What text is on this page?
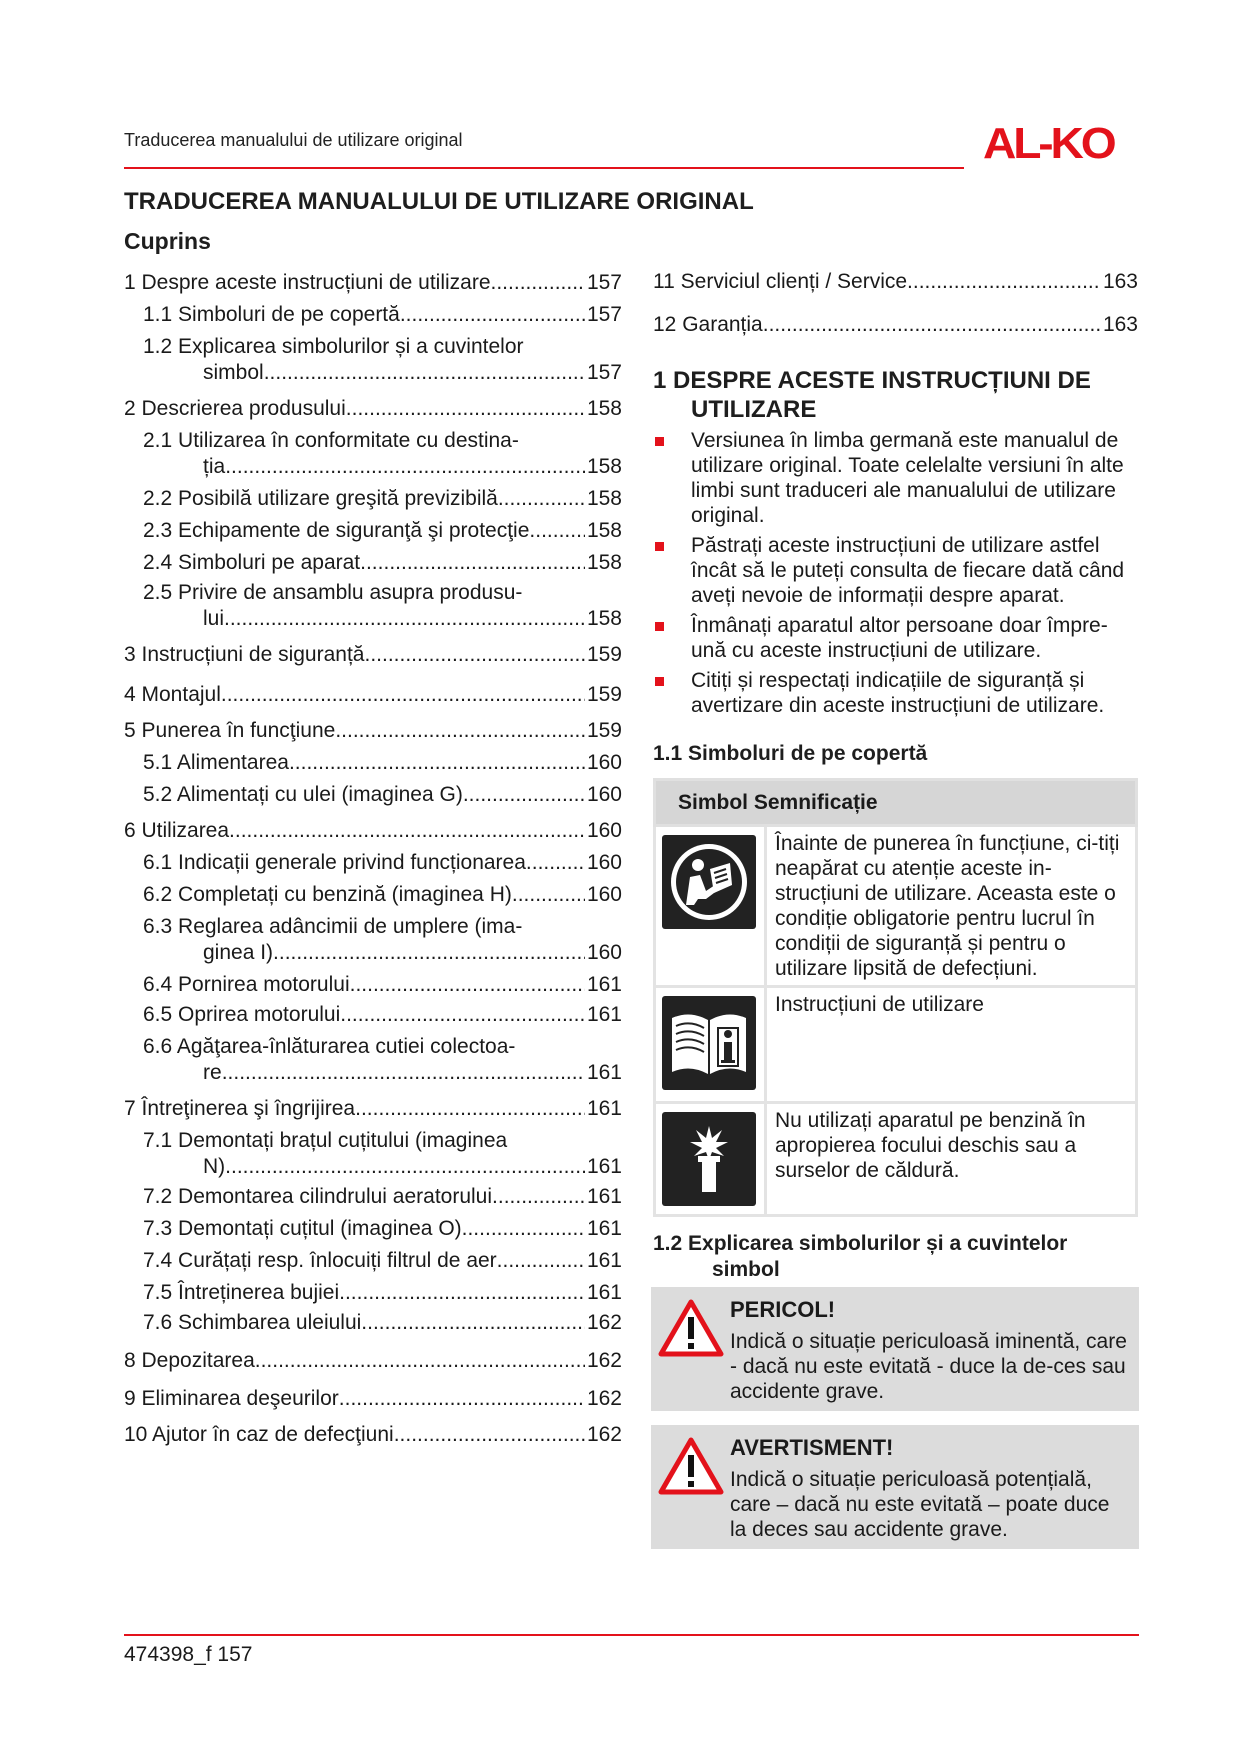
Traducerea manualului de utilizare original	AL-KO
TRADUCEREA MANUALULUI DE UTILIZARE ORIGINAL
Cuprins
1 Despre aceste instrucțiuni de utilizare .....	157
1.1 Simboluri de pe copertă .....	157
1.2 Explicarea simbolurilor și a cuvintelor
simbol .....	157
2 Descrierea produsului .....	158
2.1 Utilizarea în conformitate cu destina-
ția .....	158
2.2 Posibilă utilizare greşită previzibilă .....	158
2.3 Echipamente de siguranţă şi protecţie .....	158
2.4 Simboluri pe aparat .....	158
2.5 Privire de ansamblu asupra produsu-
lui .....	158
3 Instrucțiuni de siguranță .....	159
4 Montajul .....	159
5 Punerea în funcţiune .....	159
5.1 Alimentarea .....	160
5.2 Alimentați cu ulei (imaginea G) .....	160
6 Utilizarea .....	160
6.1 Indicații generale privind funcționarea .....	160
6.2 Completați cu benzină (imaginea H) .....	160
6.3 Reglarea adâncimii de umplere (ima-
ginea I) .....	160
6.4 Pornirea motorului .....	161
6.5 Oprirea motorului .....	161
6.6 Agăţarea-înlăturarea cutiei colectoa-
re .....	161
7 Întreţinerea şi îngrijirea .....	161
7.1 Demontați brațul cuțitului (imaginea
N) .....	161
7.2 Demontarea cilindrului aeratorului .....	161
7.3 Demontați cuțitul (imaginea O) .....	161
7.4 Curățați resp. înlocuiți filtrul de aer .....	161
7.5 Întreținerea bujiei .....	161
7.6 Schimbarea uleiului .....	162
8 Depozitarea .....	162
9 Eliminarea deşeurilor .....	162
10 Ajutor în caz de defecţiuni .....	162
11 Serviciul clienți / Service .....	163
12 Garanția .....	163
1 DESPRE ACESTE INSTRUCȚIUNI DE
UTILIZARE
Versiunea în limba germană este manualul de utilizare original. Toate celelalte versiuni în alte limbi sunt traduceri ale manualului de utilizare original.
Păstrați aceste instrucțiuni de utilizare astfel încât să le puteți consulta de fiecare dată când aveți nevoie de informații despre aparat.
Înmânați aparatul altor persoane doar împre-ună cu aceste instrucțiuni de utilizare.
Citiți și respectați indicațiile de siguranță și avertizare din aceste instrucțiuni de utilizare.
1.1 Simboluri de pe copertă
Simbol Semnificație	

	Înainte de punerea în funcțiune, ci-tiți neapărat cu atenție aceste in-strucțiuni de utilizare. Aceasta este o condiție obligatorie pentru lucrul în condiții de siguranță și pentru o utilizare lipsită de defecțiuni.

	Instrucțiuni de utilizare

	Nu utilizați aparatul pe benzină în apropierea focului deschis sau a surselor de căldură.
1.2 Explicarea simbolurilor și a cuvintelor
simbol
PERICOL!
Indică o situație periculoasă iminentă, care - dacă nu este evitată - duce la de-ces sau accidente grave.
AVERTISMENT!
Indică o situație periculoasă potențială, care – dacă nu este evitată – poate duce la deces sau accidente grave.
474398_f 157
